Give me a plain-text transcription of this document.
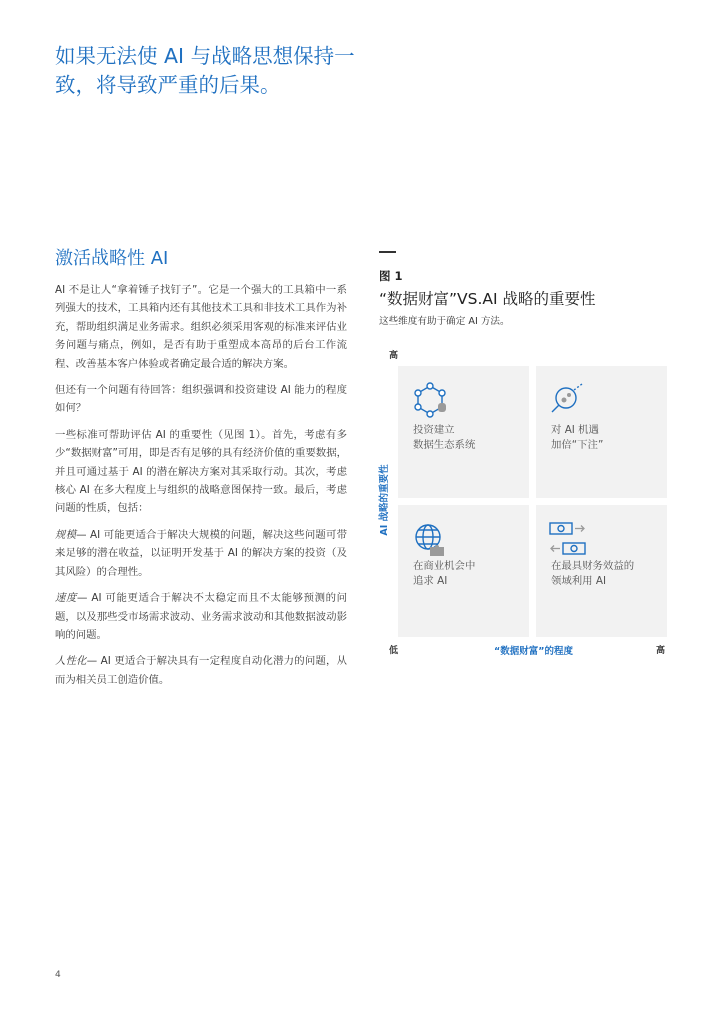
如果无法使 AI 与战略思想保持一
致，将导致严重的后果。
激活战略性 AI

AI 不是让人“拿着锤子找钉子”。它是一个强大的工具箱中一系列强大的技术，工具箱内还有其他技术工具和非技术工具作为补充，帮助组织满足业务需求。组织必须采用客观的标准来评估业务问题与痛点，例如，是否有助于重塑成本高昂的后台工作流程、改善基本客户体验或者确定最合适的解决方案。

但还有一个问题有待回答：组织强调和投资建设 AI 能力的程度如何？

一些标准可帮助评估 AI 的重要性（见图 1）。首先，考虑有多少“数据财富”可用，即是否有足够的具有经济价值的重要数据，并且可通过基于 AI 的潜在解决方案对其采取行动。其次，考虑核心 AI 在多大程度上与组织的战略意图保持一致。最后，考虑问题的性质，包括：

规模— AI 可能更适合于解决大规模的问题，解决这些问题可带来足够的潜在收益，以证明开发基于 AI 的解决方案的投资（及其风险）的合理性。

速度— AI 可能更适合于解决不太稳定而且不太能够预测的问题，以及那些受市场需求波动、业务需求波动和其他数据波动影响的问题。

人性化— AI 更适合于解决具有一定程度自动化潜力的问题，从而为相关员工创造价值。

图 1
“数据财富”VS.AI 战略的重要性
这些维度有助于确定 AI 方法。
高
AI 战略的重要性
低	“数据财富”的程度	高
投资建立
数据生态系统
对 AI 机遇
加倍“下注”
在商业机会中
追求 AI
在最具财务效益的
领域利用 AI
4
